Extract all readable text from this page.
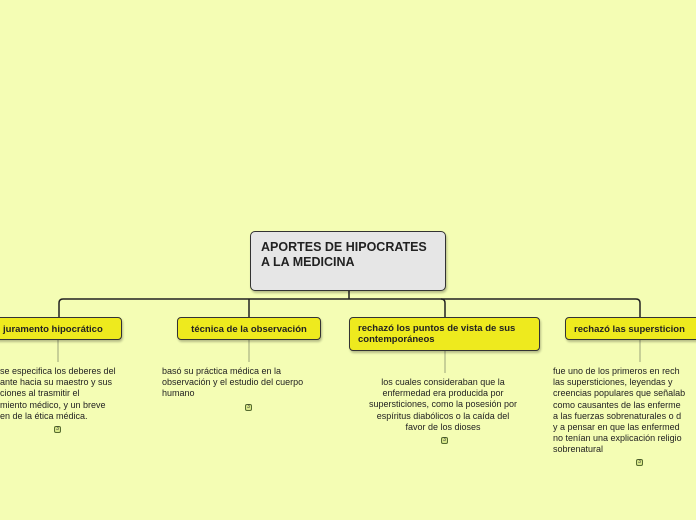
APORTES DE HIPOCRATES A LA MEDICINA
juramento hipocrático
se especifica los deberes del
ante hacia su maestro y sus
ciones al trasmitir el
miento médico, y un breve
en de la ética médica.
3
técnica de la observación
basó su práctica médica en la
observación y el estudio del cuerpo
humano
3
rechazó los puntos de vista de sus
contemporáneos
los cuales consideraban que la
enfermedad era producida por
supersticiones, como la posesión por
espíritus diabólicos o la caída del
favor de los dioses
3
rechazó las supersticion
fue uno de los primeros en rech
las supersticiones, leyendas y
creencias populares que señalab
como causantes de las enferme
a las fuerzas sobrenaturales o d
y a pensar en que las enfermed
no tenían una explicación religio
sobrenatural
3
